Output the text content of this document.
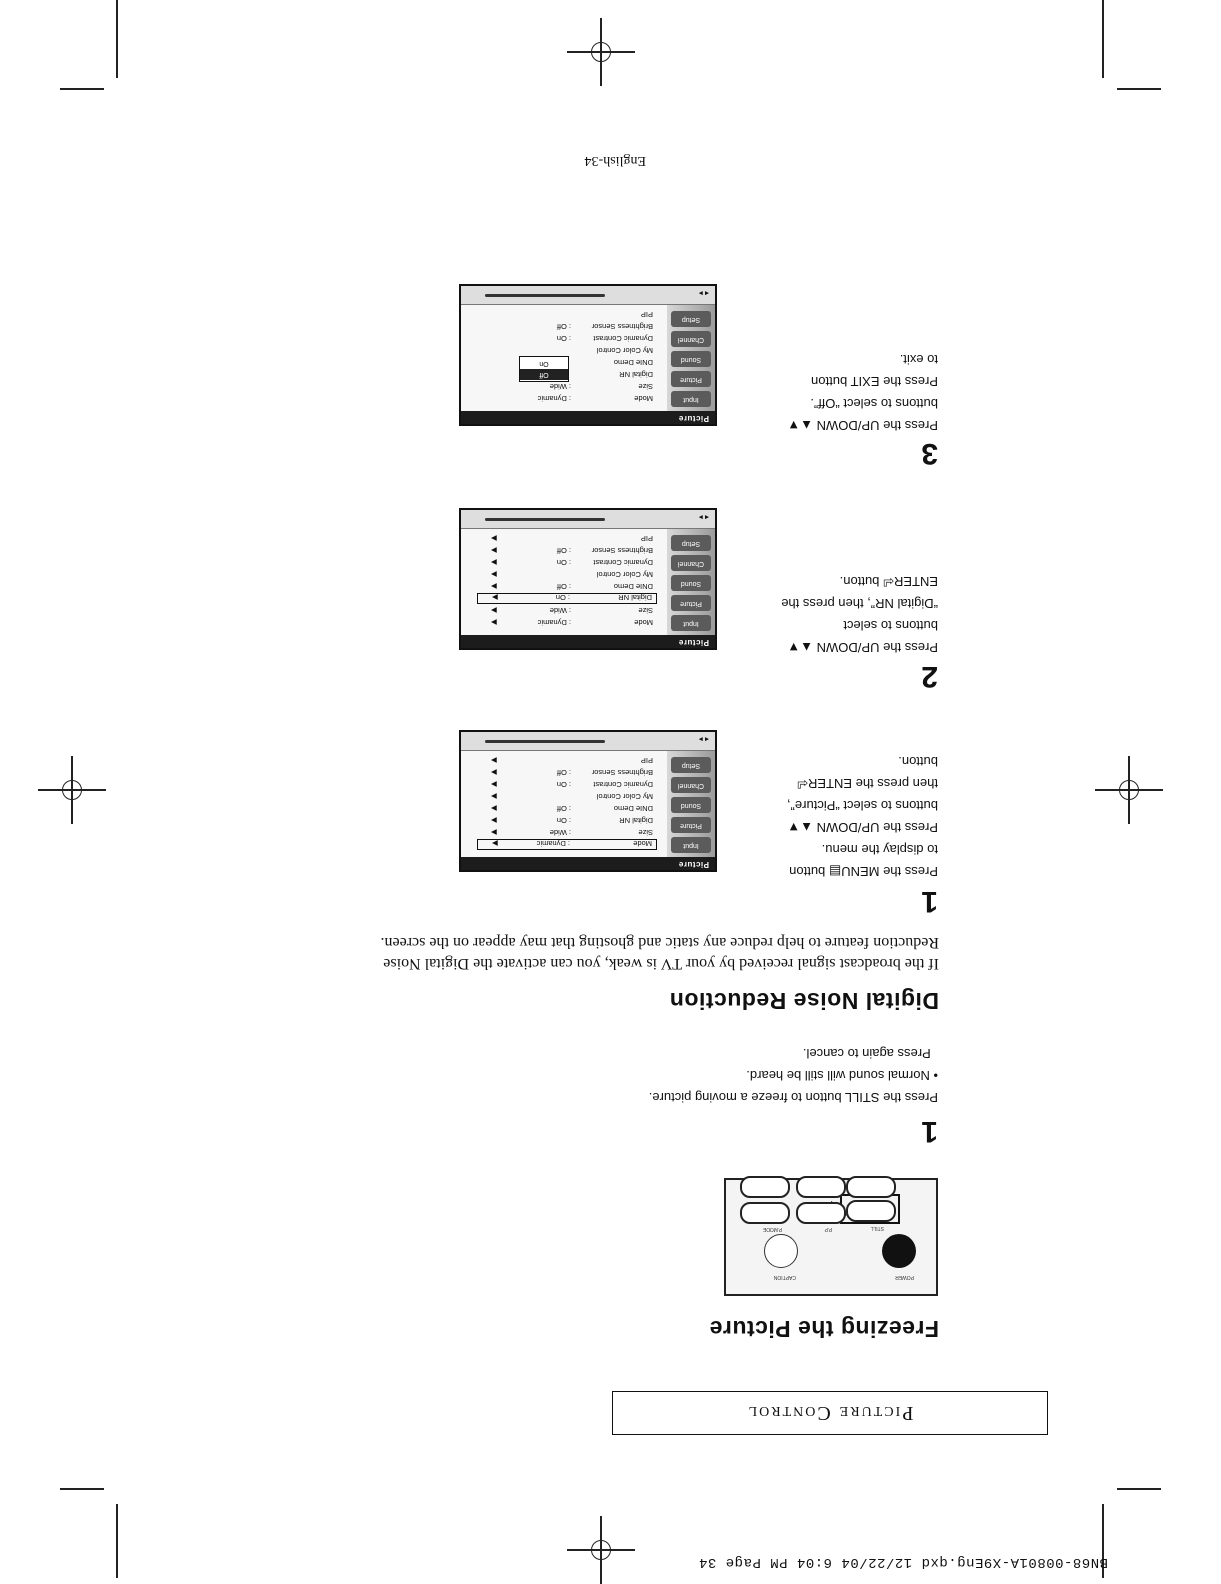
BN68-00801A-X9Eng.qxd 12/22/04 6:04 PM Page 34
Picture Control
Freezing the Picture
POWER
CAPTION
STILL
P.P
P.MODE
1

Press the STILL button to freeze a moving picture.

• Normal sound will still be heard.

Press again to cancel.

Digital Noise Reduction
If the broadcast signal received by your TV is weak, you can activate the Digital Noise
Reduction feature to help reduce any static and ghosting that may appear on the screen.
1

Press the MENU▤ button

to display the menu.

Press the UP/DOWN ▲▼

buttons to select “Picture”,

then press the ENTER⏎

button.

Picture
Input
Picture
Sound
Channel
Setup
Mode
: Dynamic
▶
Size
: Wide
▶
Digital NR
: On
▶
DNIe Demo
: Off
▶
My Color Control
▶
Dynamic Contrast
: On
▶
Brightness Sensor
: Off
▶
PIP
▶
◂ ▸
2

Press the UP/DOWN ▲▼

buttons to select

“Digital NR”, then press the

ENTER⏎ button.

Picture
Input
Picture
Sound
Channel
Setup
Mode
: Dynamic
▶
Size
: Wide
▶
Digital NR
: On
▶
DNIe Demo
: Off
▶
My Color Control
▶
Dynamic Contrast
: On
▶
Brightness Sensor
: Off
▶
PIP
▶
◂ ▸
3

Press the UP/DOWN ▲▼

buttons to select “Off”.

Press the EXIT button

to exit.

Picture
Input
Picture
Sound
Channel
Setup
Mode
: Dynamic
Size
: Wide
Digital NR
DNIe Demo
My Color Control
Dynamic Contrast
: On
Brightness Sensor
: Off
PIP
Off
On
◂ ▸
English-34
